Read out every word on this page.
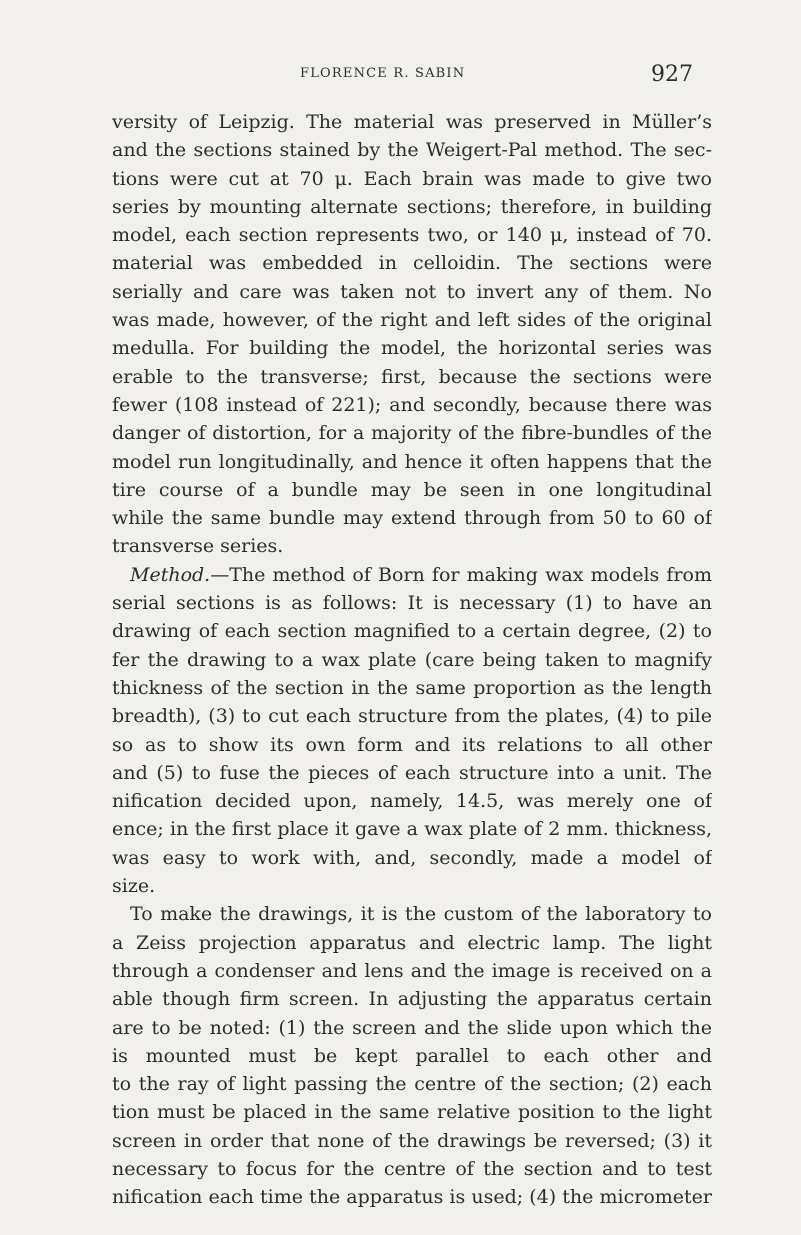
FLORENCE R. SABIN	927
versity of Leipzig. The material was preserved in Müller’s
and the sections stained by the Weigert-Pal method. The sec-
tions were cut at 70 μ. Each brain was made to give two
series by mounting alternate sections; therefore, in building
model, each section represents two, or 140 μ, instead of 70.
material was embedded in celloidin. The sections were
serially and care was taken not to invert any of them. No
was made, however, of the right and left sides of the original
medulla. For building the model, the horizontal series was
erable to the transverse; first, because the sections were
fewer (108 instead of 221); and secondly, because there was
danger of distortion, for a majority of the fibre-bundles of the
model run longitudinally, and hence it often happens that the
tire course of a bundle may be seen in one longitudinal
while the same bundle may extend through from 50 to 60 of
transverse series.
Method.—The method of Born for making wax models from
serial sections is as follows: It is necessary (1) to have an
drawing of each section magnified to a certain degree, (2) to
fer the drawing to a wax plate (care being taken to magnify
thickness of the section in the same proportion as the length
breadth), (3) to cut each structure from the plates, (4) to pile
so as to show its own form and its relations to all other
and (5) to fuse the pieces of each structure into a unit. The
nification decided upon, namely, 14.5, was merely one of
ence; in the first place it gave a wax plate of 2 mm. thickness,
was easy to work with, and, secondly, made a model of
size.
To make the drawings, it is the custom of the laboratory to
a Zeiss projection apparatus and electric lamp. The light
through a condenser and lens and the image is received on a
able though firm screen. In adjusting the apparatus certain
are to be noted: (1) the screen and the slide upon which the
is mounted must be kept parallel to each other and
to the ray of light passing the centre of the section; (2) each
tion must be placed in the same relative position to the light
screen in order that none of the drawings be reversed; (3) it
necessary to focus for the centre of the section and to test
nification each time the apparatus is used; (4) the micrometer
